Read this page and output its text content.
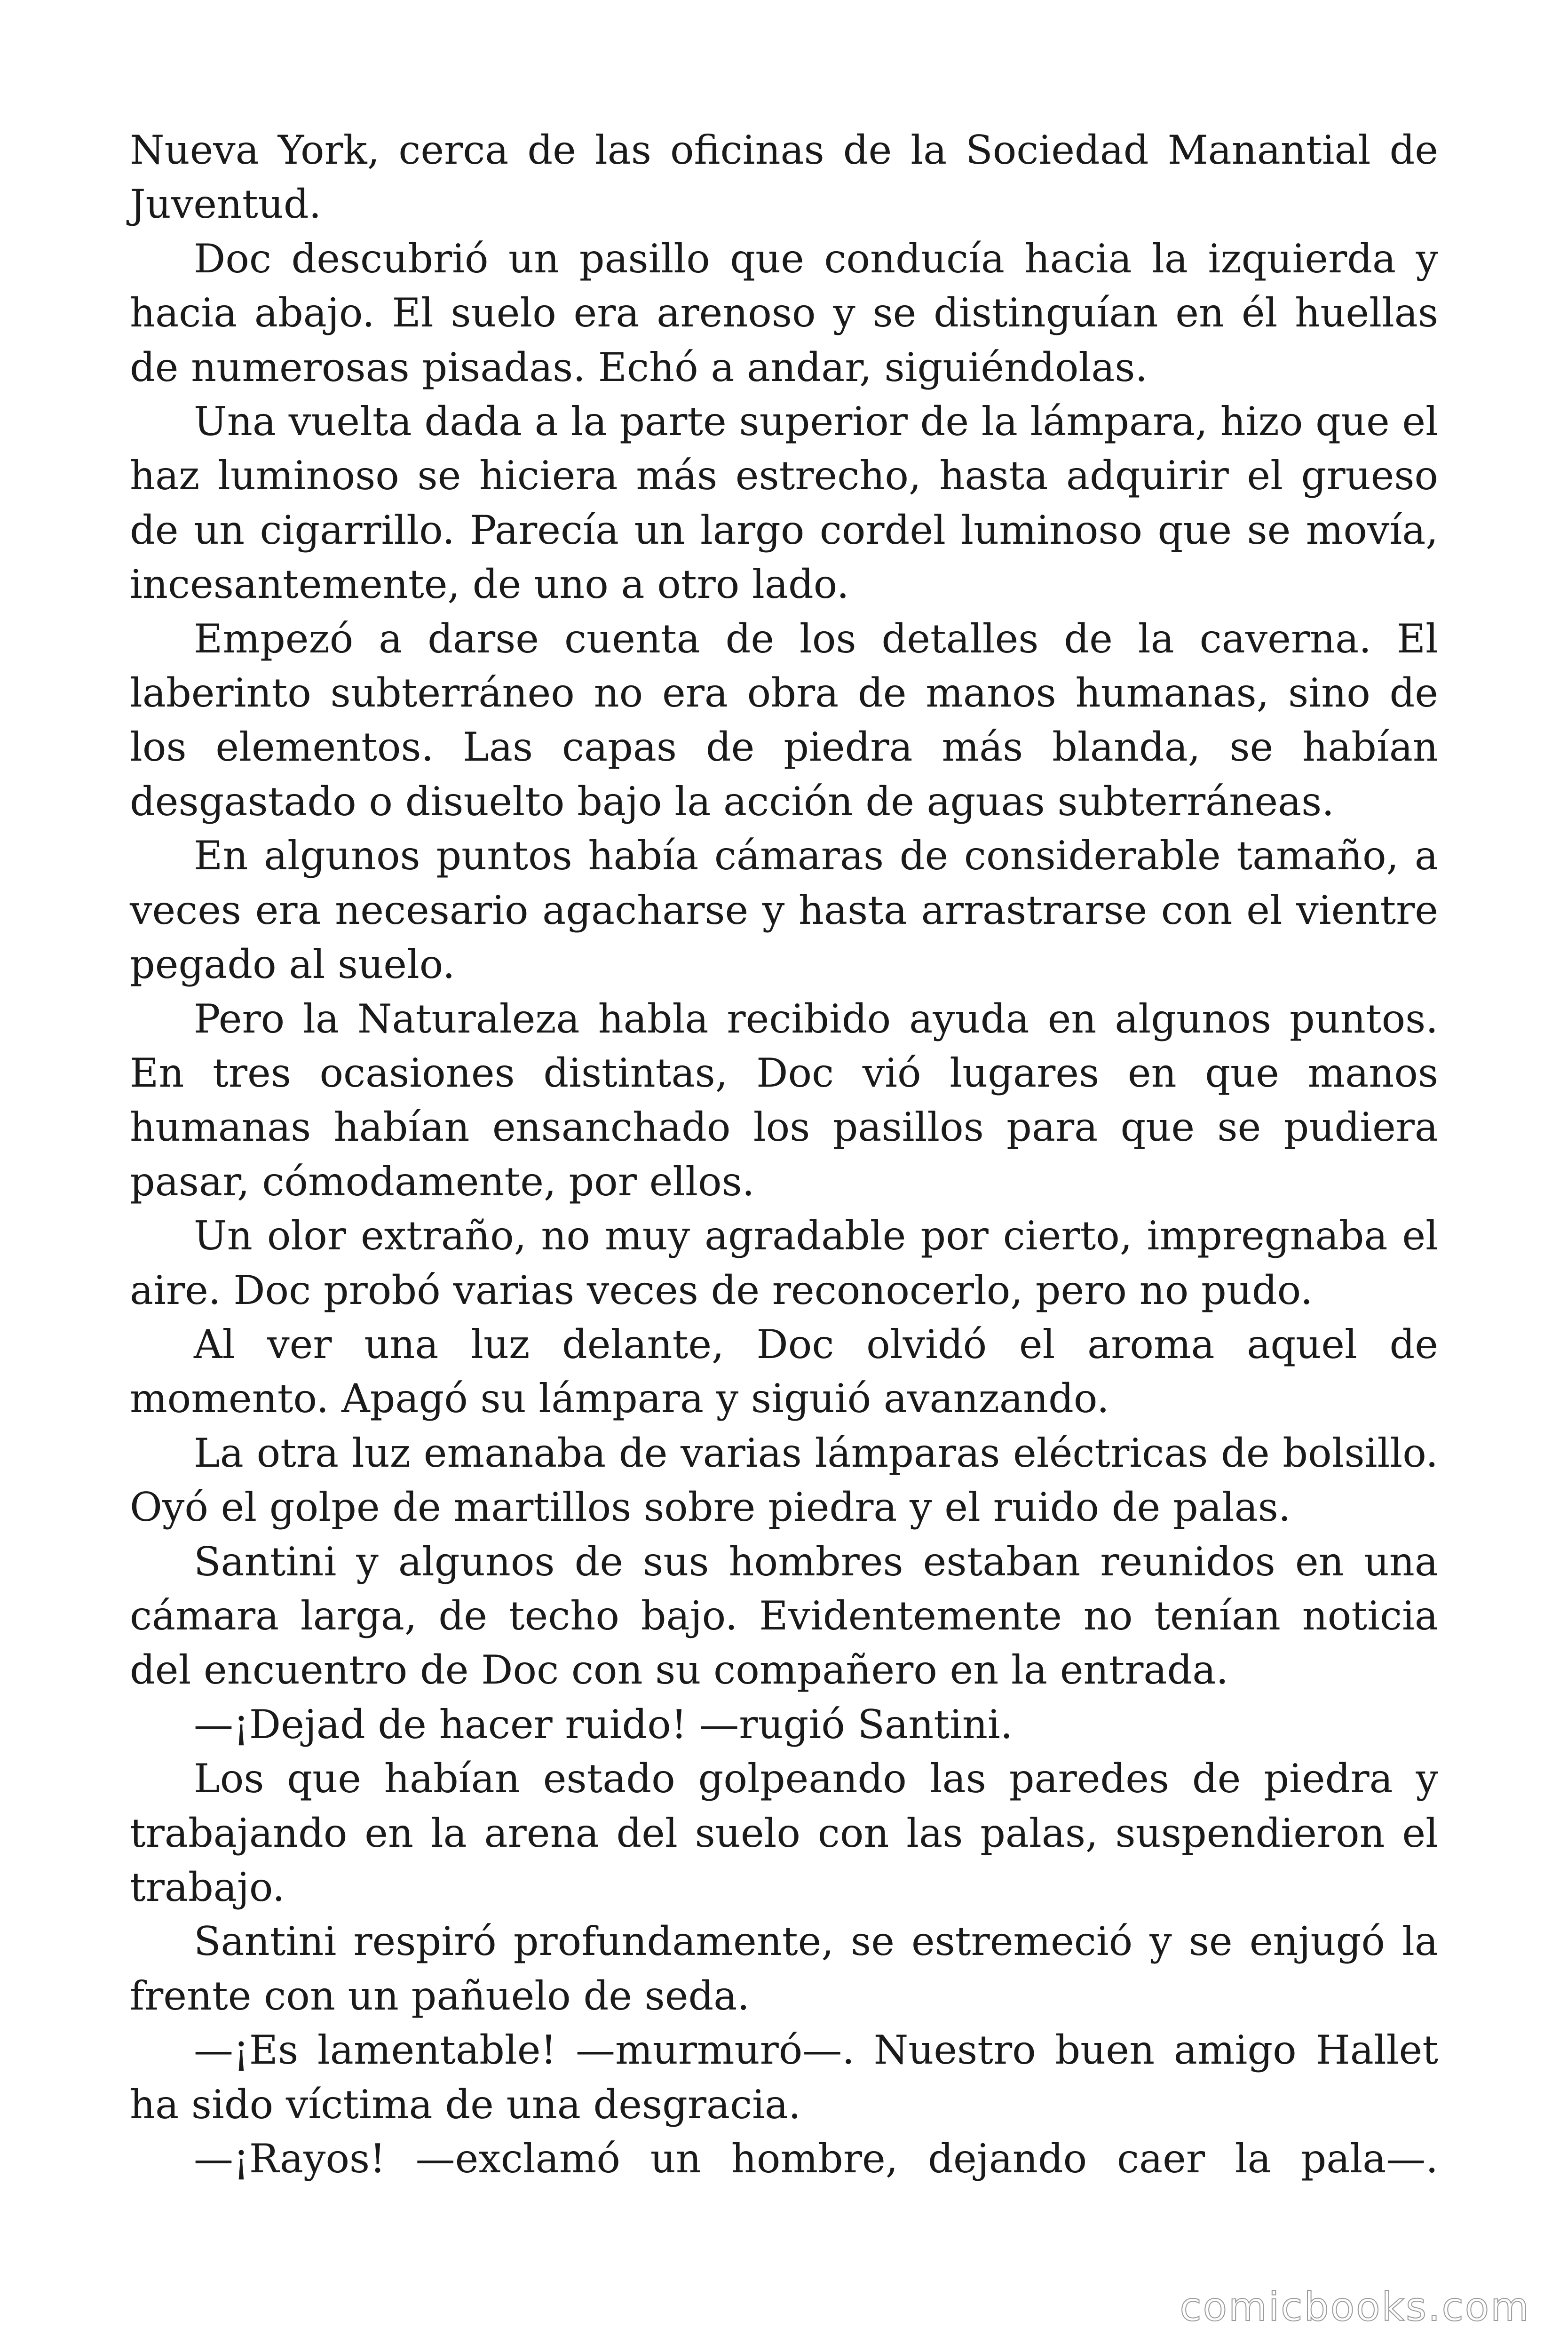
Nueva York, cerca de las oficinas de la Sociedad Manantial de Juventud.

Doc descubrió un pasillo que conducía hacia la izquierda y hacia abajo. El suelo era arenoso y se distinguían en él huellas de numerosas pisadas. Echó a andar, siguiéndolas.

Una vuelta dada a la parte superior de la lámpara, hizo que el haz luminoso se hiciera más estrecho, hasta adquirir el grueso de un cigarrillo. Parecía un largo cordel luminoso que se movía, incesantemente, de uno a otro lado.

Empezó a darse cuenta de los detalles de la caverna. El laberinto subterráneo no era obra de manos humanas, sino de los elementos. Las capas de piedra más blanda, se habían desgastado o disuelto bajo la acción de aguas subterráneas.

En algunos puntos había cámaras de considerable tamaño, a veces era necesario agacharse y hasta arrastrarse con el vientre pegado al suelo.

Pero la Naturaleza habla recibido ayuda en algunos puntos. En tres ocasiones distintas, Doc vió lugares en que manos humanas habían ensanchado los pasillos para que se pudiera pasar, cómodamente, por ellos.

Un olor extraño, no muy agradable por cierto, impregnaba el aire. Doc probó varias veces de reconocerlo, pero no pudo.

Al ver una luz delante, Doc olvidó el aroma aquel de momento. Apagó su lámpara y siguió avanzando.

La otra luz emanaba de varias lámparas eléctricas de bolsillo. Oyó el golpe de martillos sobre piedra y el ruido de palas.

Santini y algunos de sus hombres estaban reunidos en una cámara larga, de techo bajo. Evidentemente no tenían noticia del encuentro de Doc con su compañero en la entrada.

—¡Dejad de hacer ruido! —rugió Santini.

Los que habían estado golpeando las paredes de piedra y trabajando en la arena del suelo con las palas, suspendieron el trabajo.

Santini respiró profundamente, se estremeció y se enjugó la frente con un pañuelo de seda.

—¡Es lamentable! —murmuró—. Nuestro buen amigo Hallet ha sido víctima de una desgracia.

—¡Rayos! —exclamó un hombre, dejando caer la pala—.

comicbooks.com
